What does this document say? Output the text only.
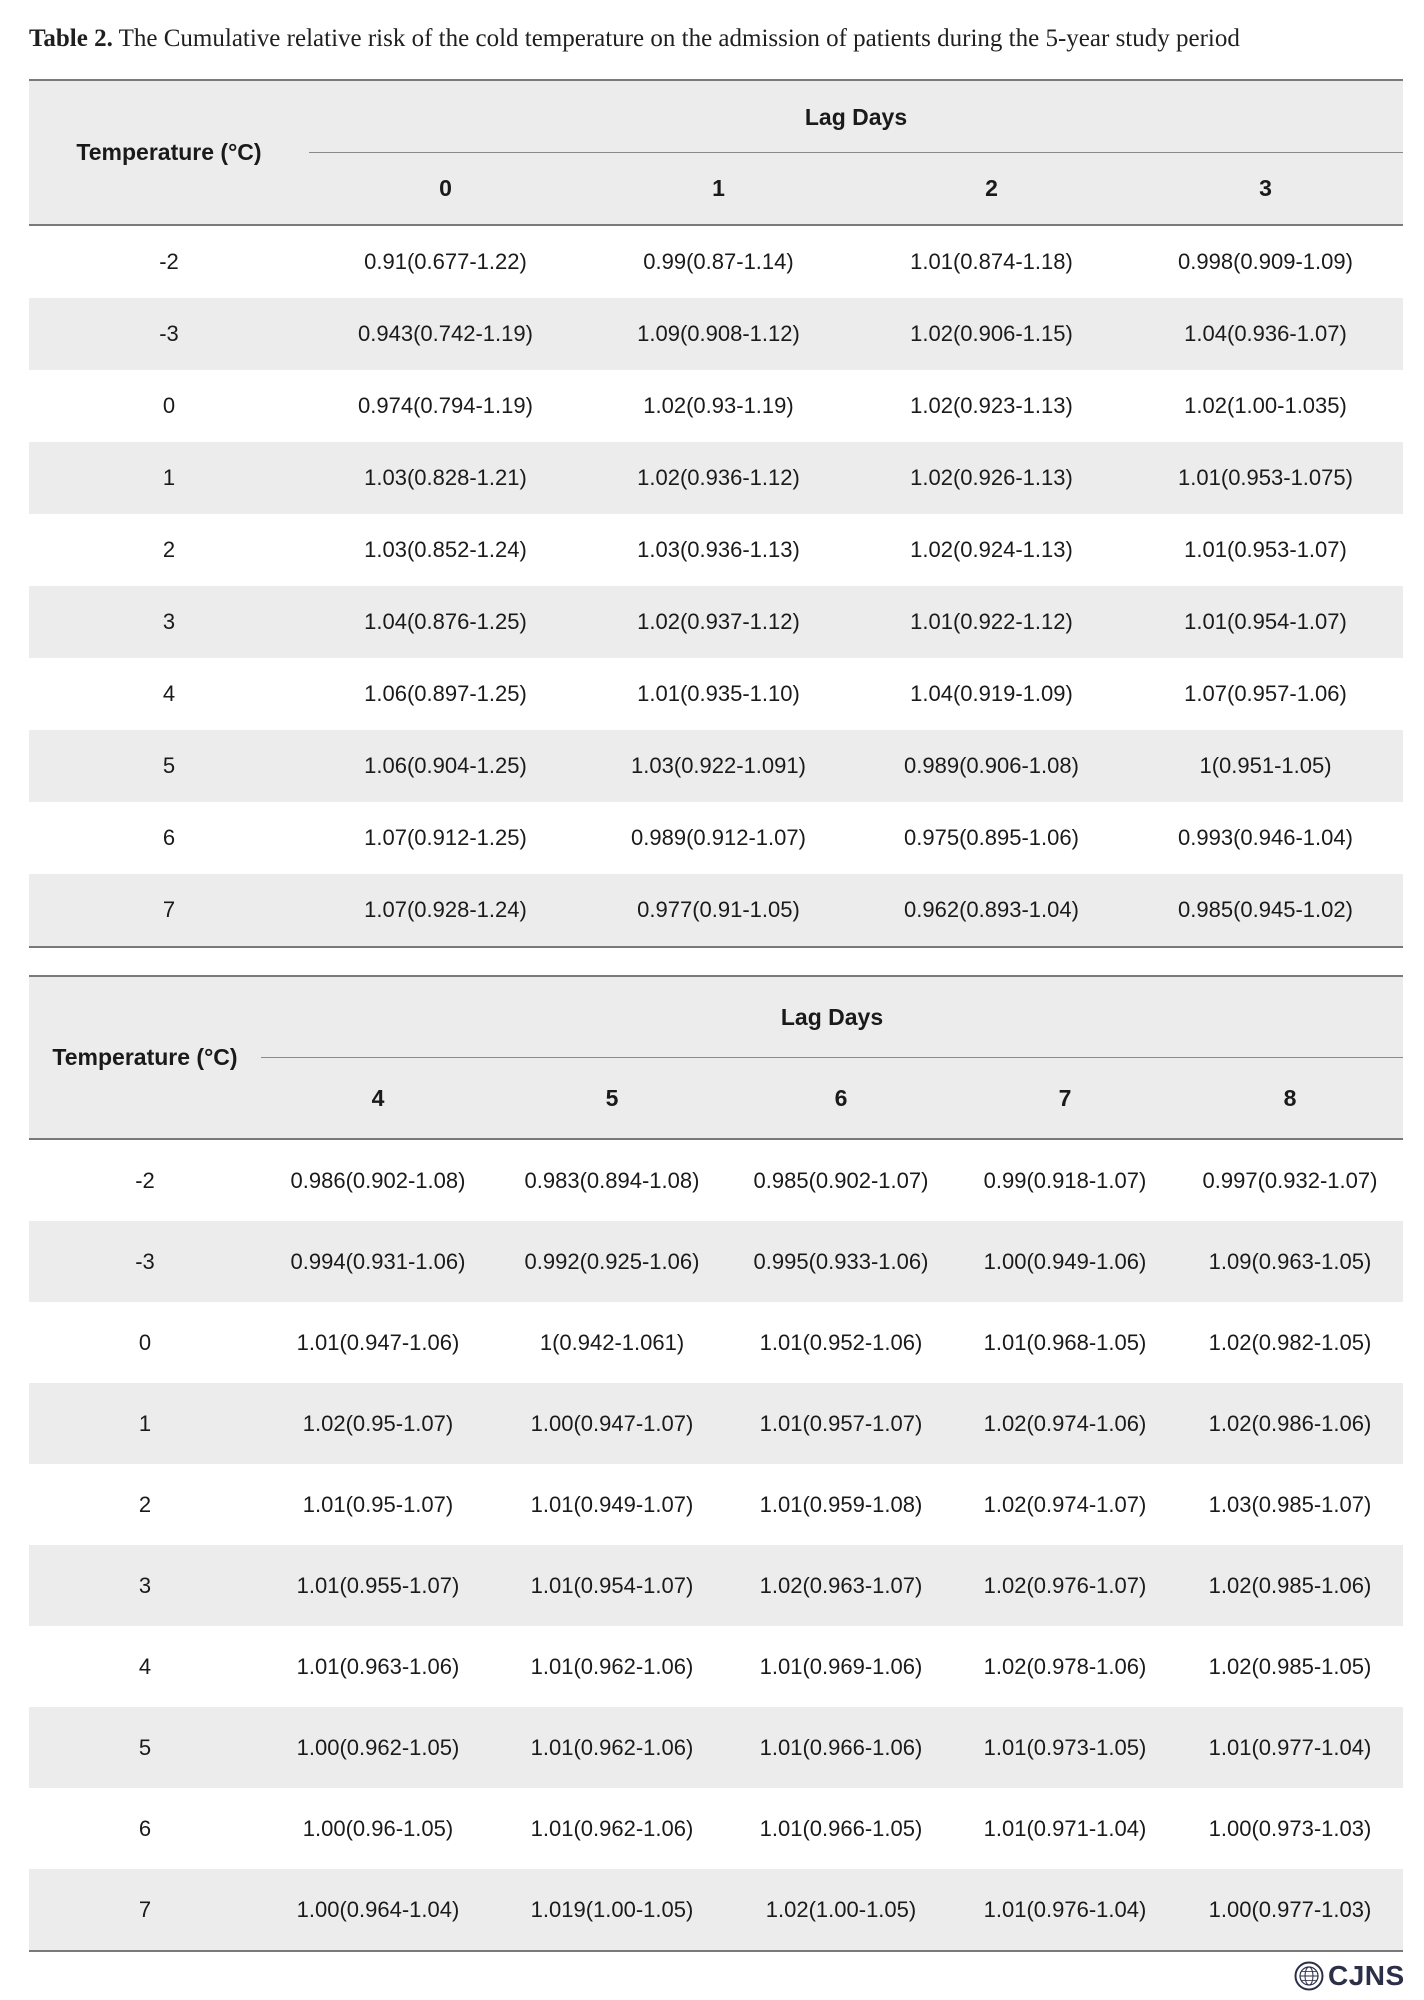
Table 2. The Cumulative relative risk of the cold temperature on the admission of patients during the 5-year study period
Temperature (°C)	Lag Days			
	0	1	2	3
-2	0.91(0.677-1.22)	0.99(0.87-1.14)	1.01(0.874-1.18)	0.998(0.909-1.09)
-3	0.943(0.742-1.19)	1.09(0.908-1.12)	1.02(0.906-1.15)	1.04(0.936-1.07)
0	0.974(0.794-1.19)	1.02(0.93-1.19)	1.02(0.923-1.13)	1.02(1.00-1.035)
1	1.03(0.828-1.21)	1.02(0.936-1.12)	1.02(0.926-1.13)	1.01(0.953-1.075)
2	1.03(0.852-1.24)	1.03(0.936-1.13)	1.02(0.924-1.13)	1.01(0.953-1.07)
3	1.04(0.876-1.25)	1.02(0.937-1.12)	1.01(0.922-1.12)	1.01(0.954-1.07)
4	1.06(0.897-1.25)	1.01(0.935-1.10)	1.04(0.919-1.09)	1.07(0.957-1.06)
5	1.06(0.904-1.25)	1.03(0.922-1.091)	0.989(0.906-1.08)	1(0.951-1.05)
6	1.07(0.912-1.25)	0.989(0.912-1.07)	0.975(0.895-1.06)	0.993(0.946-1.04)
7	1.07(0.928-1.24)	0.977(0.91-1.05)	0.962(0.893-1.04)	0.985(0.945-1.02)
Temperature (°C)	Lag Days				
	4	5	6	7	8
-2	0.986(0.902-1.08)	0.983(0.894-1.08)	0.985(0.902-1.07)	0.99(0.918-1.07)	0.997(0.932-1.07)
-3	0.994(0.931-1.06)	0.992(0.925-1.06)	0.995(0.933-1.06)	1.00(0.949-1.06)	1.09(0.963-1.05)
0	1.01(0.947-1.06)	1(0.942-1.061)	1.01(0.952-1.06)	1.01(0.968-1.05)	1.02(0.982-1.05)
1	1.02(0.95-1.07)	1.00(0.947-1.07)	1.01(0.957-1.07)	1.02(0.974-1.06)	1.02(0.986-1.06)
2	1.01(0.95-1.07)	1.01(0.949-1.07)	1.01(0.959-1.08)	1.02(0.974-1.07)	1.03(0.985-1.07)
3	1.01(0.955-1.07)	1.01(0.954-1.07)	1.02(0.963-1.07)	1.02(0.976-1.07)	1.02(0.985-1.06)
4	1.01(0.963-1.06)	1.01(0.962-1.06)	1.01(0.969-1.06)	1.02(0.978-1.06)	1.02(0.985-1.05)
5	1.00(0.962-1.05)	1.01(0.962-1.06)	1.01(0.966-1.06)	1.01(0.973-1.05)	1.01(0.977-1.04)
6	1.00(0.96-1.05)	1.01(0.962-1.06)	1.01(0.966-1.05)	1.01(0.971-1.04)	1.00(0.973-1.03)
7	1.00(0.964-1.04)	1.019(1.00-1.05)	1.02(1.00-1.05)	1.01(0.976-1.04)	1.00(0.977-1.03)
CJNS
